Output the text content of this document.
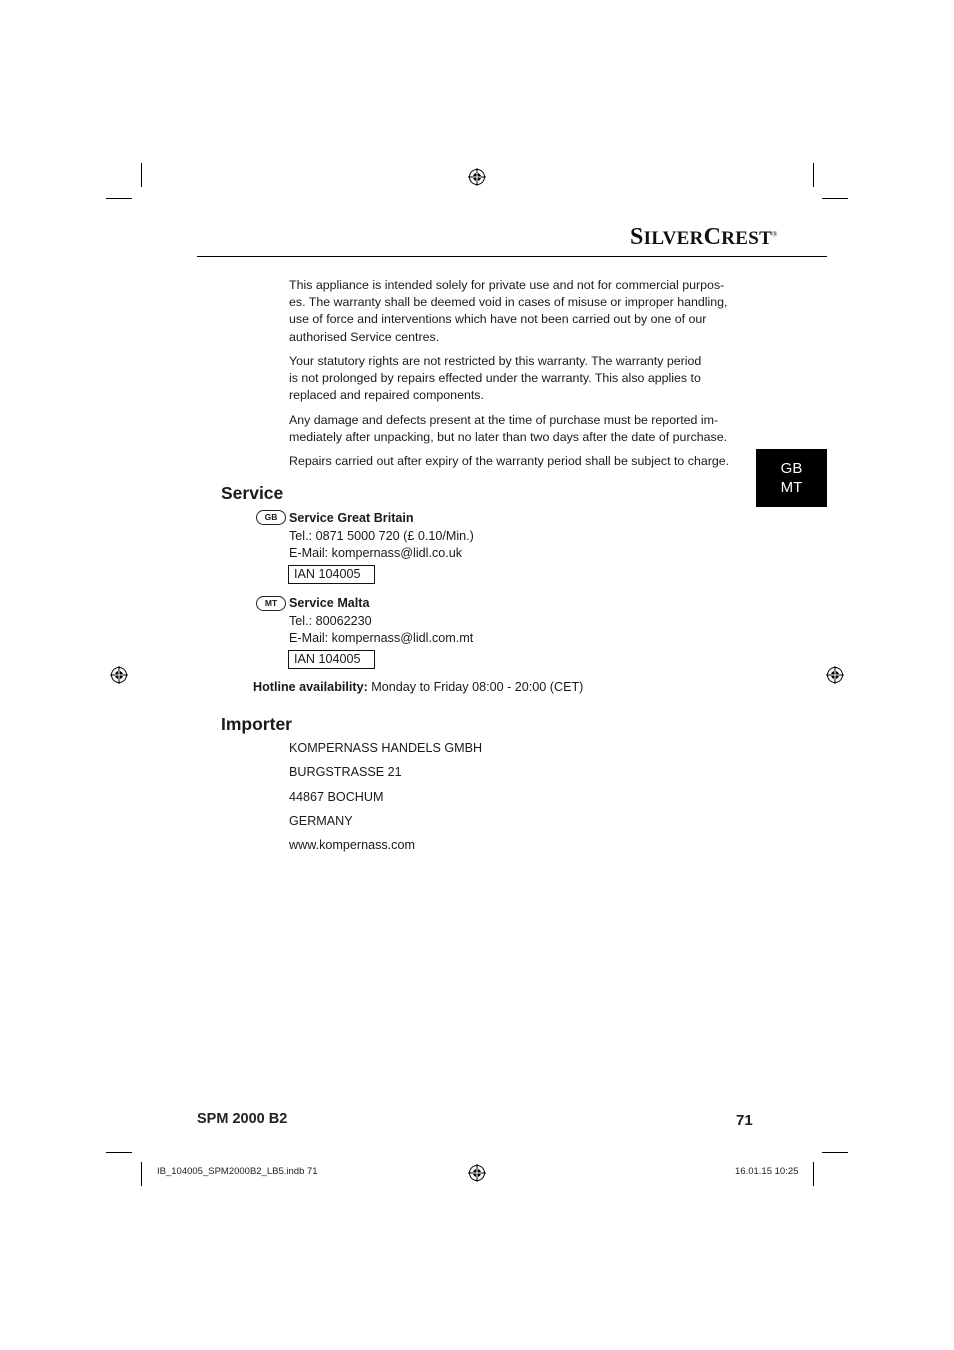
SILVERCREST®
This appliance is intended solely for private use and not for commercial purpos-
es. The warranty shall be deemed void in cases of misuse or improper handling,
use of force and interventions which have not been carried out by one of our
authorised Service centres.
Your statutory rights are not restricted by this warranty. The warranty period
is not prolonged by repairs effected under the warranty. This also applies to
replaced and repaired components.
Any damage and defects present at the time of purchase must be reported im-
mediately after unpacking, but no later than two days after the date of purchase.
Repairs carried out after expiry of the warranty period shall be subject to charge.	GB
MT
Service
GB Service Great Britain
Tel.: 0871 5000 720 (£ 0.10/Min.)
E-Mail: kompernass@lidl.co.uk
IAN 104005
MT Service Malta
Tel.: 80062230
E-Mail: kompernass@lidl.com.mt
IAN 104005
Hotline availability: Monday to Friday 08:00 - 20:00 (CET)
Importer
KOMPERNASS HANDELS GMBH
BURGSTRASSE 21
44867 BOCHUM
GERMANY
www.kompernass.com
SPM 2000 B2	71
IB_104005_SPM2000B2_LB5.indb 71	16.01.15 10:25
